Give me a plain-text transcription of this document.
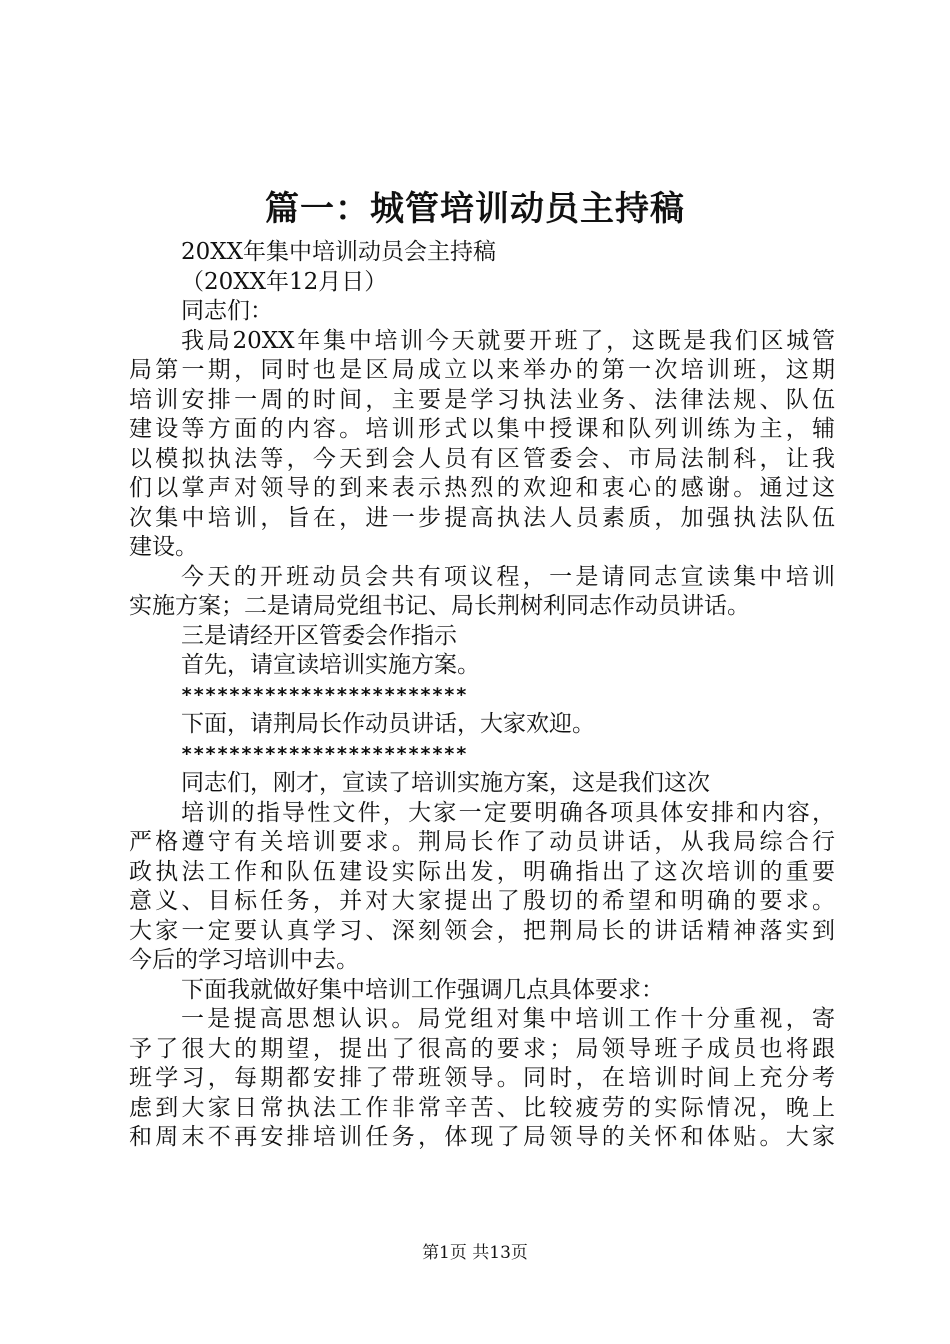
篇一：城管培训动员主持稿
20XX年集中培训动员会主持稿
（20XX年12月日）
同志们：
我局20XX年集中培训今天就要开班了，这既是我们区城管
局第一期，同时也是区局成立以来举办的第一次培训班，这期
培训安排一周的时间，主要是学习执法业务、法律法规、队伍
建设等方面的内容。培训形式以集中授课和队列训练为主，辅
以模拟执法等，今天到会人员有区管委会、市局法制科，让我
们以掌声对领导的到来表示热烈的欢迎和衷心的感谢。通过这
次集中培训，旨在，进一步提高执法人员素质，加强执法队伍
建设。
今天的开班动员会共有项议程，一是请同志宣读集中培训
实施方案；二是请局党组书记、局长荆树利同志作动员讲话。
三是请经开区管委会作指示
首先，请宣读培训实施方案。
************************
下面，请荆局长作动员讲话，大家欢迎。
************************
同志们，刚才，宣读了培训实施方案，这是我们这次
培训的指导性文件，大家一定要明确各项具体安排和内容，
严格遵守有关培训要求。荆局长作了动员讲话，从我局综合行
政执法工作和队伍建设实际出发，明确指出了这次培训的重要
意义、目标任务，并对大家提出了殷切的希望和明确的要求。
大家一定要认真学习、深刻领会，把荆局长的讲话精神落实到
今后的学习培训中去。
下面我就做好集中培训工作强调几点具体要求：
一是提高思想认识。局党组对集中培训工作十分重视，寄
予了很大的期望，提出了很高的要求；局领导班子成员也将跟
班学习，每期都安排了带班领导。同时，在培训时间上充分考
虑到大家日常执法工作非常辛苦、比较疲劳的实际情况，晚上
和周末不再安排培训任务，体现了局领导的关怀和体贴。大家
第1页 共13页
